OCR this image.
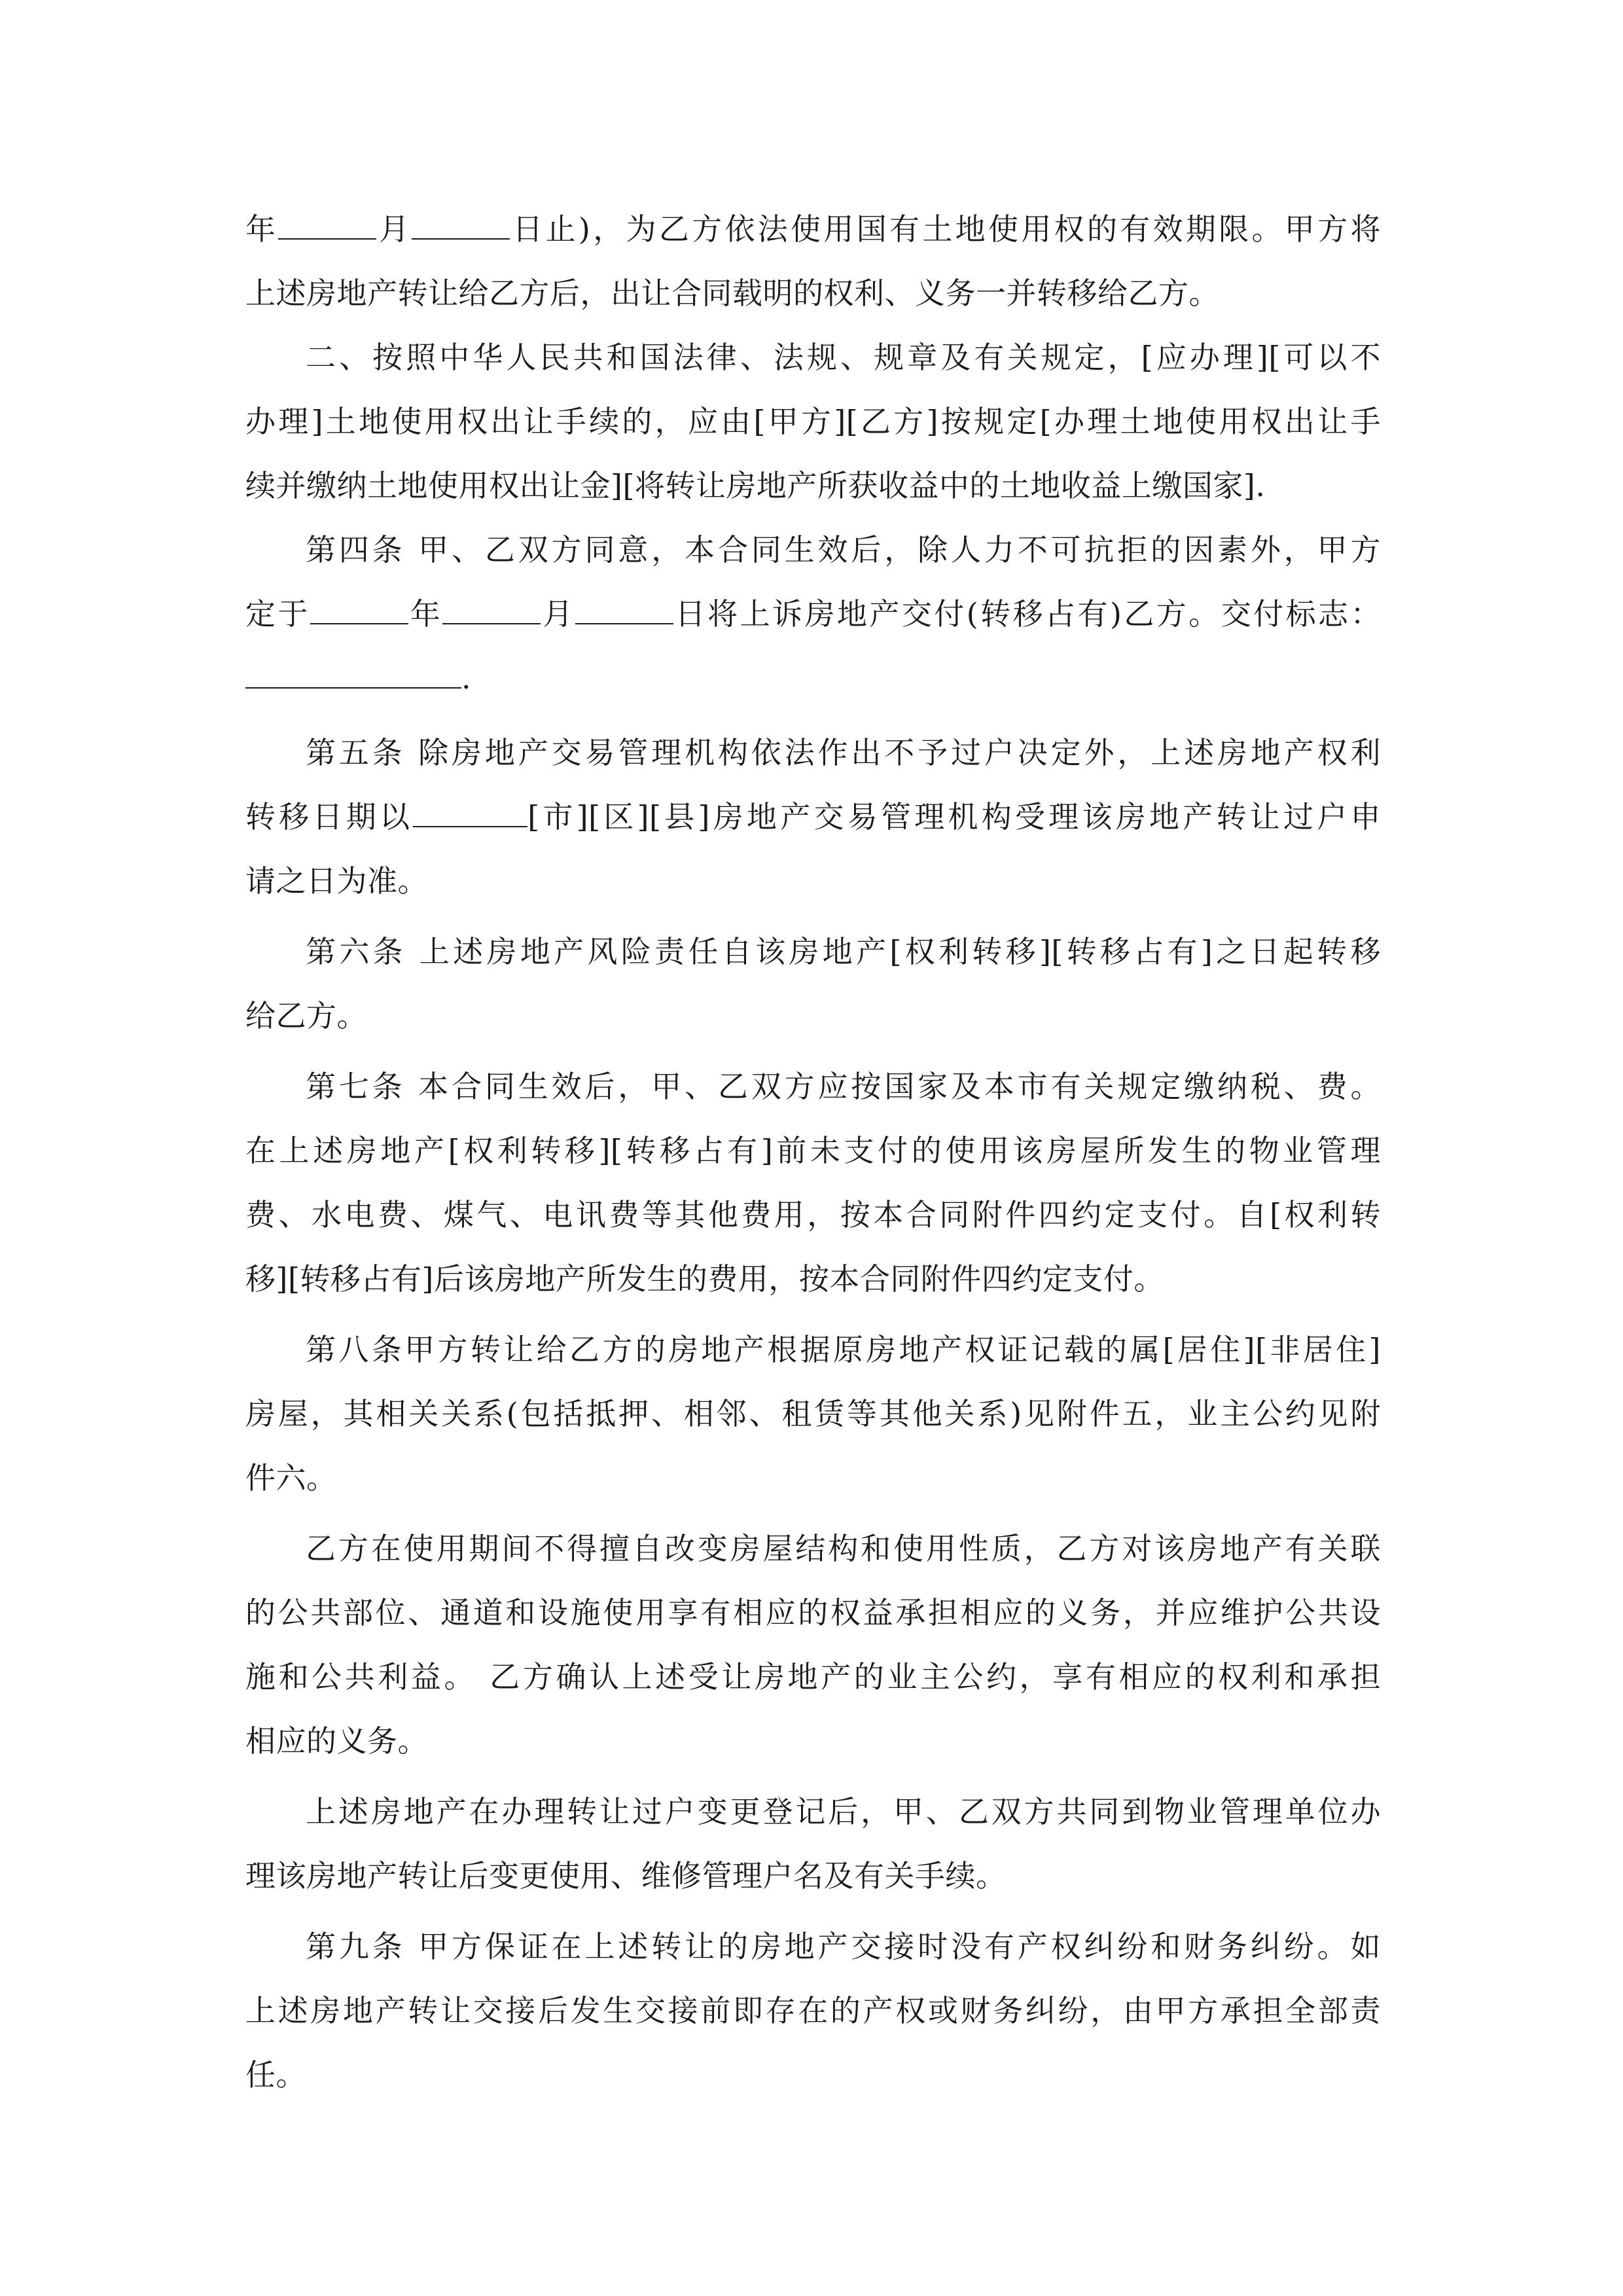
年	月	日止)，为乙方依法使用国有土地使用权的有效期限。甲方将
上述房地产转让给乙方后，出让合同载明的权利、义务一并转移给乙方。
二、按照中华人民共和国法律、法规、规章及有关规定，[应办理][可以不
办理]土地使用权出让手续的，应由[甲方][乙方]按规定[办理土地使用权出让手
续并缴纳土地使用权出让金][将转让房地产所获收益中的土地收益上缴国家].
第四条 甲、乙双方同意，本合同生效后，除人力不可抗拒的因素外，甲方
定于	年	月	日将上诉房地产交付(转移占有)乙方。交付标志：
.
第五条 除房地产交易管理机构依法作出不予过户决定外，上述房地产权利
转移日期以	[市][区][县]房地产交易管理机构受理该房地产转让过户申
请之日为准。
第六条 上述房地产风险责任自该房地产[权利转移][转移占有]之日起转移
给乙方。
第七条 本合同生效后，甲、乙双方应按国家及本市有关规定缴纳税、费。
在上述房地产[权利转移][转移占有]前未支付的使用该房屋所发生的物业管理
费、水电费、煤气、电讯费等其他费用，按本合同附件四约定支付。自[权利转
移][转移占有]后该房地产所发生的费用，按本合同附件四约定支付。
第八条甲方转让给乙方的房地产根据原房地产权证记载的属[居住][非居住]
房屋，其相关关系(包括抵押、相邻、租赁等其他关系)见附件五，业主公约见附
件六。
乙方在使用期间不得擅自改变房屋结构和使用性质，乙方对该房地产有关联
的公共部位、通道和设施使用享有相应的权益承担相应的义务，并应维护公共设
施和公共利益。 乙方确认上述受让房地产的业主公约，享有相应的权利和承担
相应的义务。
上述房地产在办理转让过户变更登记后，甲、乙双方共同到物业管理单位办
理该房地产转让后变更使用、维修管理户名及有关手续。
第九条 甲方保证在上述转让的房地产交接时没有产权纠纷和财务纠纷。如
上述房地产转让交接后发生交接前即存在的产权或财务纠纷，由甲方承担全部责
任。
